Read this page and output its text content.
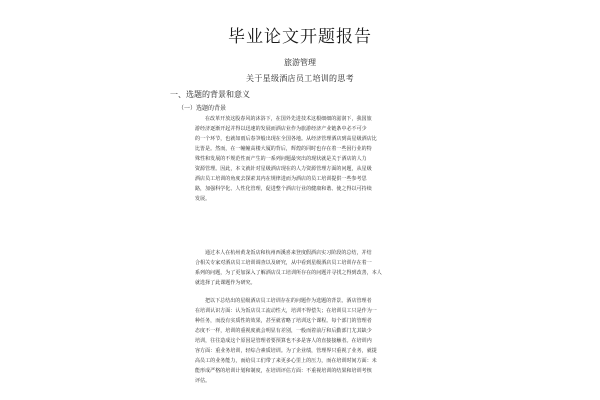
毕业论文开题报告
旅游管理
关于星级酒店员工培训的思考
一、选题的背景和意义
（一）选题的背景
在改革开放这股春风的沐浴下，在国外先进技术这根细细的滋润下，我国旅
游经济逐渐开起并得以迅速的发展而酒店业作为旅游经济产业链条中必不可少
的一个环节，也就如雨后春笋般出现在全国各地。从经济管理酒店到高星级酒店比
比皆是。然而，在一幢幢高楼大厦的背后，辉煌的同时也存在着一些因行业的特
殊性和发展的不规范性而产生的一系列问题最突出的现状就是关于酒店的人力
资源管理。因此，本文就针对星级酒店现在的人力资源管理方面的问题，从星级
酒店员工培训的角度去探索其内在规律进而为酒店的员工培训提供一些参考思
路，加强科学化、人性化管理，促进整个酒店行业的健康和谐、使之得以可持续
发展。
通过本人在杭州黄龙饭店和杭州西溪喜来登度假酒店实习阶段的总结，并结
合相关专家对酒店员工培训调查以及研究，从中看到星级酒店员工培训存在着一
系列的问题，为了更加深入了解酒店员工培训所存在的问题并寻找之得到改善，本人
就选择了此课题作为研究。
把以下总结出的星级酒店员工培训存在的问题作为选题的背景。酒店管理者
在培训认识方面：认为饭店员工流动性大，培训不得偿失；在培训员工只是作为一
种任务，而没有实质性的效果，甚至就省略了培训这个课程。每个部门的管理者
态度不一样，培训的重视度就会明显有差别，一般而着前厅和后勤部门尤其缺少
培训，往往造成这个原因是管理者要预算也不多是客人的直接接触者。在培训内
容方面：重业务培训，轻综合素质培训。为了企业绩，管理界只重视了业务，就提
高员工的业务能力，而给员工们带了来更多心里上的压力，而在培训时间方面：未
能形成严格的培训计划和制度，在培训评估方面：不重视培训的结果和培训考核
评估。
